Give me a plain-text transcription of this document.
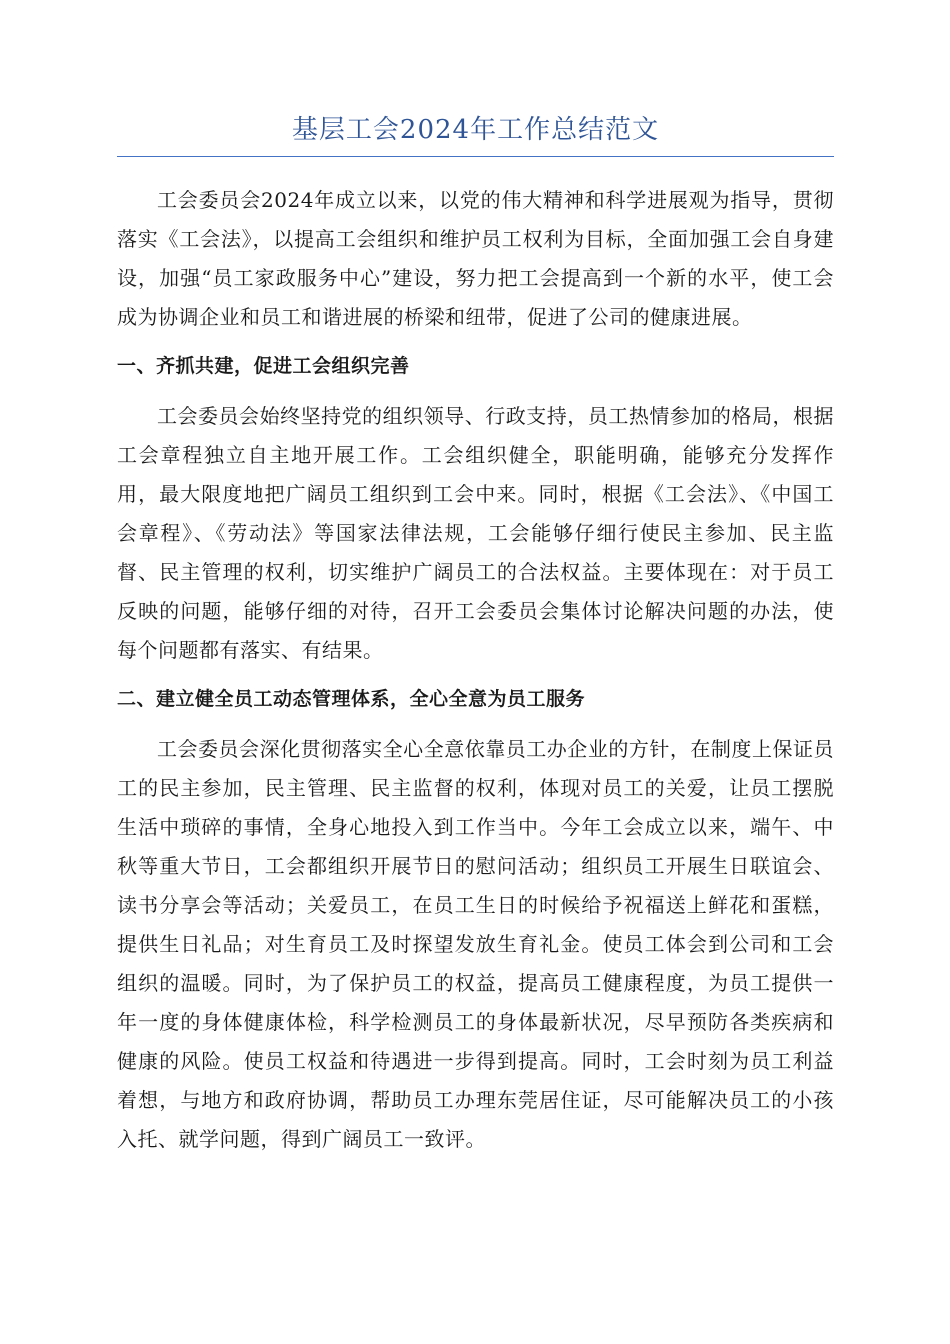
基层工会2024年工作总结范文

工会委员会2024年成立以来，以党的伟大精神和科学进展观为指导，贯彻落实《工会法》，以提高工会组织和维护员工权利为目标，全面加强工会自身建设，加强“员工家政服务中心”建设，努力把工会提高到一个新的水平，使工会成为协调企业和员工和谐进展的桥梁和纽带，促进了公司的健康进展。

一、齐抓共建，促进工会组织完善

工会委员会始终坚持党的组织领导、行政支持，员工热情参加的格局，根据工会章程独立自主地开展工作。工会组织健全，职能明确，能够充分发挥作用，最大限度地把广阔员工组织到工会中来。同时，根据《工会法》、《中国工会章程》、《劳动法》等国家法律法规，工会能够仔细行使民主参加、民主监督、民主管理的权利，切实维护广阔员工的合法权益。主要体现在：对于员工反映的问题，能够仔细的对待，召开工会委员会集体讨论解决问题的办法，使每个问题都有落实、有结果。

二、建立健全员工动态管理体系，全心全意为员工服务

工会委员会深化贯彻落实全心全意依靠员工办企业的方针，在制度上保证员工的民主参加，民主管理、民主监督的权利，体现对员工的关爱，让员工摆脱生活中琐碎的事情，全身心地投入到工作当中。今年工会成立以来，端午、中秋等重大节日，工会都组织开展节日的慰问活动；组织员工开展生日联谊会、读书分享会等活动；关爱员工，在员工生日的时候给予祝福送上鲜花和蛋糕，提供生日礼品；对生育员工及时探望发放生育礼金。使员工体会到公司和工会组织的温暖。同时，为了保护员工的权益，提高员工健康程度，为员工提供一年一度的身体健康体检，科学检测员工的身体最新状况，尽早预防各类疾病和健康的风险。使员工权益和待遇进一步得到提高。同时，工会时刻为员工利益着想，与地方和政府协调，帮助员工办理东莞居住证，尽可能解决员工的小孩入托、就学问题，得到广阔员工一致评。
